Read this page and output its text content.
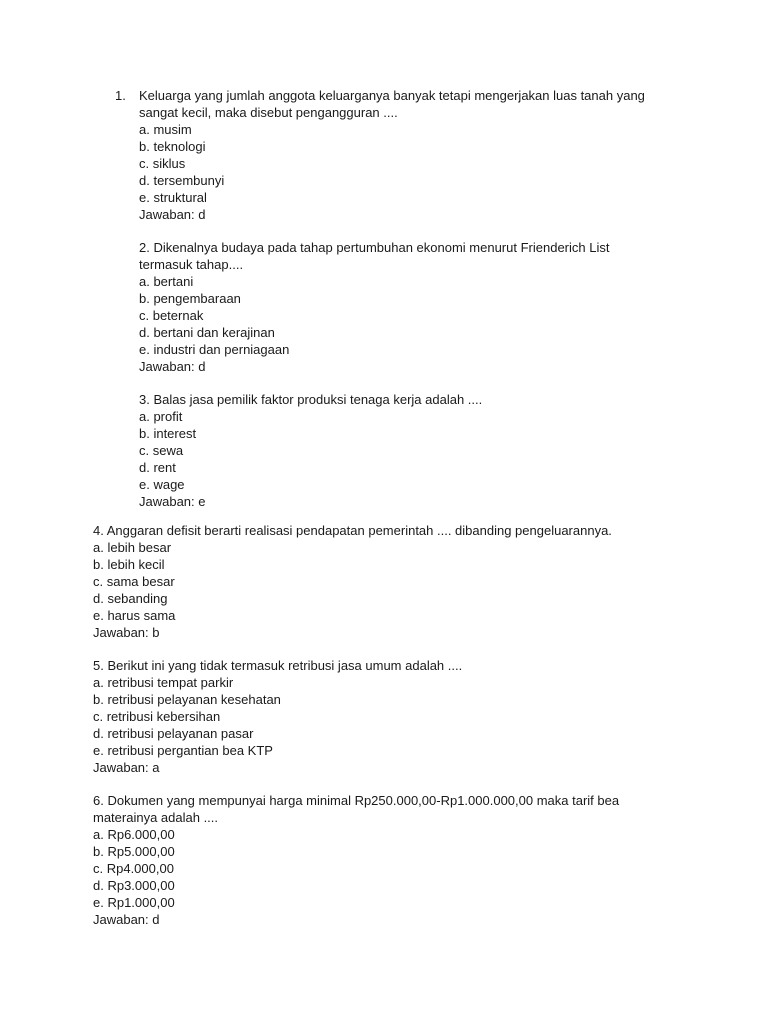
1. Keluarga yang jumlah anggota keluarganya banyak tetapi mengerjakan luas tanah yang
sangat kecil, maka disebut pengangguran ....
a. musim
b. teknologi
c. siklus
d. tersembunyi
e. struktural
Jawaban: d
2. Dikenalnya budaya pada tahap pertumbuhan ekonomi menurut Frienderich List
termasuk tahap....
a. bertani
b. pengembaraan
c. beternak
d. bertani dan kerajinan
e. industri dan perniagaan
Jawaban: d
3. Balas jasa pemilik faktor produksi tenaga kerja adalah ....
a. profit
b. interest
c. sewa
d. rent
e. wage
Jawaban: e
4. Anggaran defisit berarti realisasi pendapatan pemerintah .... dibanding pengeluarannya.
a. lebih besar
b. lebih kecil
c. sama besar
d. sebanding
e. harus sama
Jawaban: b
5. Berikut ini yang tidak termasuk retribusi jasa umum adalah ....
a. retribusi tempat parkir
b. retribusi pelayanan kesehatan
c. retribusi kebersihan
d. retribusi pelayanan pasar
e. retribusi pergantian bea KTP
Jawaban: a
6. Dokumen yang mempunyai harga minimal Rp250.000,00-Rp1.000.000,00 maka tarif bea
materainya adalah ....
a. Rp6.000,00
b. Rp5.000,00
c. Rp4.000,00
d. Rp3.000,00
e. Rp1.000,00
Jawaban: d
